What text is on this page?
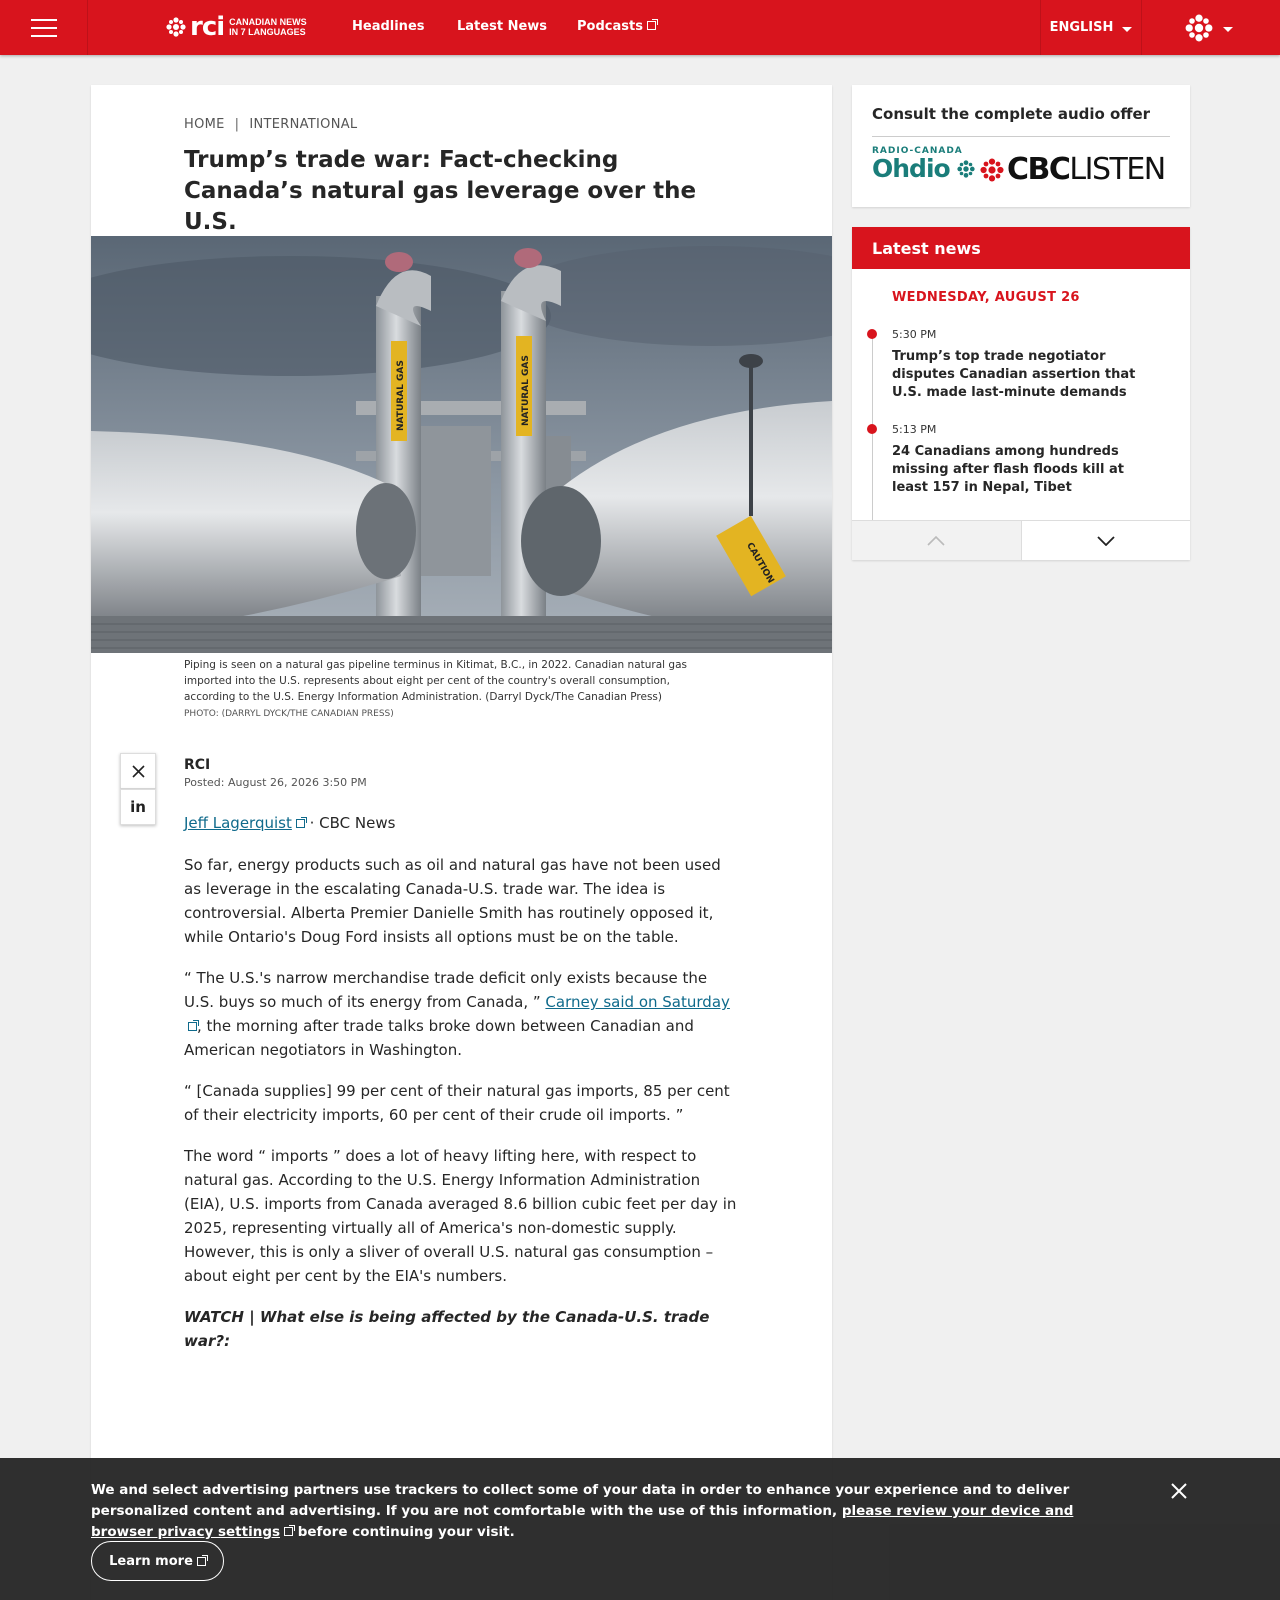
rci CANADIAN NEWS
IN 7 LANGUAGES	Headlines	Latest News Podcasts	ENGLISH
HOME | INTERNATIONAL
Trump’s trade war: Fact-checking Canada’s natural gas leverage over the U.S.
NATURAL GAS	NATURAL GAS
CAUTION

Piping is seen on a natural gas pipeline terminus in Kitimat, B.C., in 2022. Canadian natural gas imported into the U.S. represents about eight per cent of the country's overall consumption, according to the U.S. Energy Information Administration. (Darryl Dyck/The Canadian Press)

PHOTO: (DARRYL DYCK/THE CANADIAN PRESS)

in
RCI
Posted: August 26, 2026 3:50 PM
Jeff Lagerquist · CBC News

So far, energy products such as oil and natural gas have not been used as leverage in the escalating Canada-U.S. trade war. The idea is controversial. Alberta Premier Danielle Smith has routinely opposed it, while Ontario's Doug Ford insists all options must be on the table.

“ The U.S.'s narrow merchandise trade deficit only exists because the U.S. buys so much of its energy from Canada, ” Carney said on Saturday, the morning after trade talks broke down between Canadian and American negotiators in Washington.

“ [Canada supplies] 99 per cent of their natural gas imports, 85 per cent of their electricity imports, 60 per cent of their crude oil imports. ”

The word “ imports ” does a lot of heavy lifting here, with respect to natural gas. According to the U.S. Energy Information Administration (EIA), U.S. imports from Canada averaged 8.6 billion cubic feet per day in 2025, representing virtually all of America's non-domestic supply. However, this is only a sliver of overall U.S. natural gas consumption – about eight per cent by the EIA's numbers.

WATCH | What else is being affected by the Canada-U.S. trade war?:

Consult the complete audio offer
RADIO-CANADA
Ohdio	CBCLISTEN
Latest news
WEDNESDAY, AUGUST 26
5:30 PM
Trump’s top trade negotiator disputes Canadian assertion that U.S. made last-minute demands
5:13 PM
24 Canadians among hundreds missing after flash floods kill at least 157 in Nepal, Tibet

We and select advertising partners use trackers to collect some of your data in order to enhance your experience and to deliver personalized content and advertising. If you are not comfortable with the use of this information, please review your device and browser privacy settings before continuing your visit.

Learn more
